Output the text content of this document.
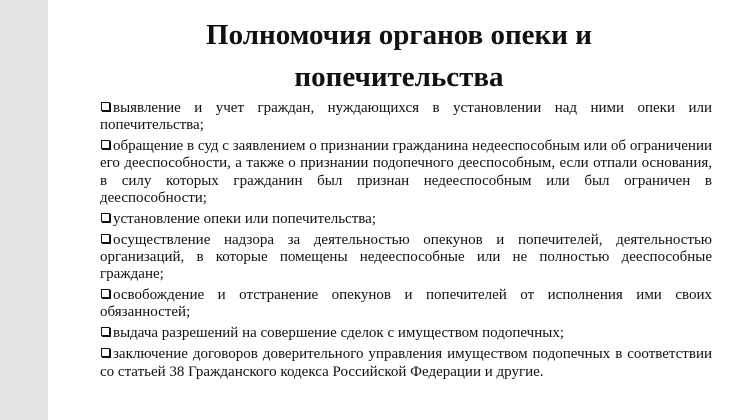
Полномочия органов опеки и
попечительства
выявление и учет граждан, нуждающихся в установлении над ними опеки или попечительства;
обращение в суд с заявлением о признании гражданина недееспособным или об ограничении его дееспособности, а также о признании подопечного дееспособным, если отпали основания, в силу которых гражданин был признан недееспособным или был ограничен в дееспособности;
установление опеки или попечительства;
осуществление надзора за деятельностью опекунов и попечителей, деятельностью организаций, в которые помещены недееспособные или не полностью дееспособные граждане;
освобождение и отстранение опекунов и попечителей от исполнения ими своих обязанностей;
выдача разрешений на совершение сделок с имуществом подопечных;
заключение договоров доверительного управления имуществом подопечных в соответствии со статьей 38 Гражданского кодекса Российской Федерации и другие.
